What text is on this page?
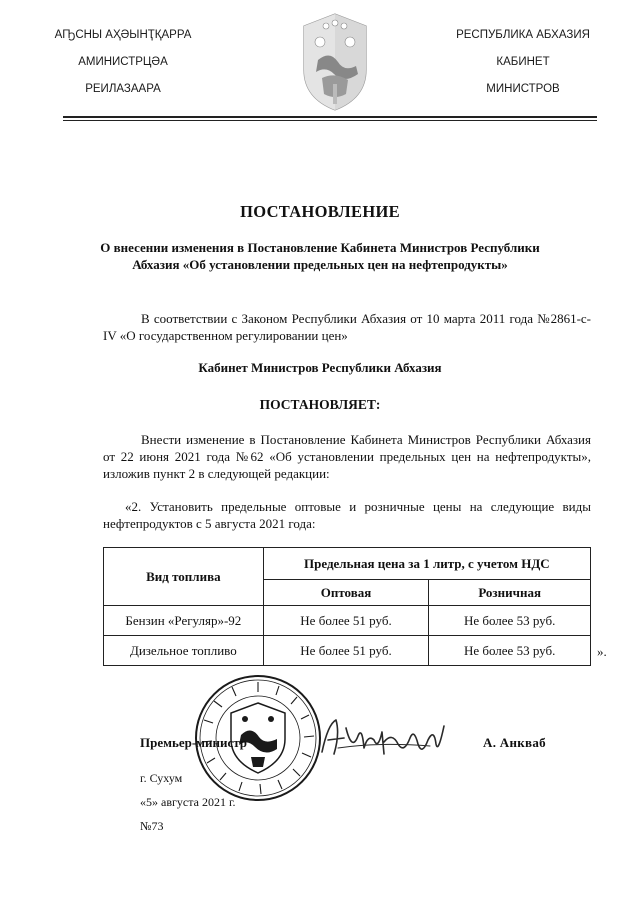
АҦСНЫ АҲӘЫНҬҚАРРА
АМИНИСТРЦӘА
РЕИЛАЗААРА
РЕСПУБЛИКА АБХАЗИЯ
КАБИНЕТ
МИНИСТРОВ
ПОСТАНОВЛЕНИЕ
О внесении изменения в Постановление Кабинета Министров Республики Абхазия «Об установлении предельных цен на нефтепродукты»
В соответствии с Законом Республики Абхазия от 10 марта 2011 года №2861-с-IV «О государственном регулировании цен»
Кабинет Министров Республики Абхазия
ПОСТАНОВЛЯЕТ:
Внести изменение в Постановление Кабинета Министров Республики Абхазия от 22 июня 2021 года №62 «Об установлении предельных цен на нефтепродукты», изложив пункт 2 в следующей редакции:
«2. Установить предельные оптовые и розничные цены на следующие виды нефтепродуктов с 5 августа 2021 года:
Вид топлива	Предельная цена за 1 литр, с учетом НДС	
	Оптовая	Розничная
Бензин «Регуляр»-92	Не более 51 руб.	Не более 53 руб.
Дизельное топливо	Не более 51 руб.	Не более 53 руб.	».
Премьер-министр	А. Анкваб
г. Сухум
«5» августа 2021 г.
№73
